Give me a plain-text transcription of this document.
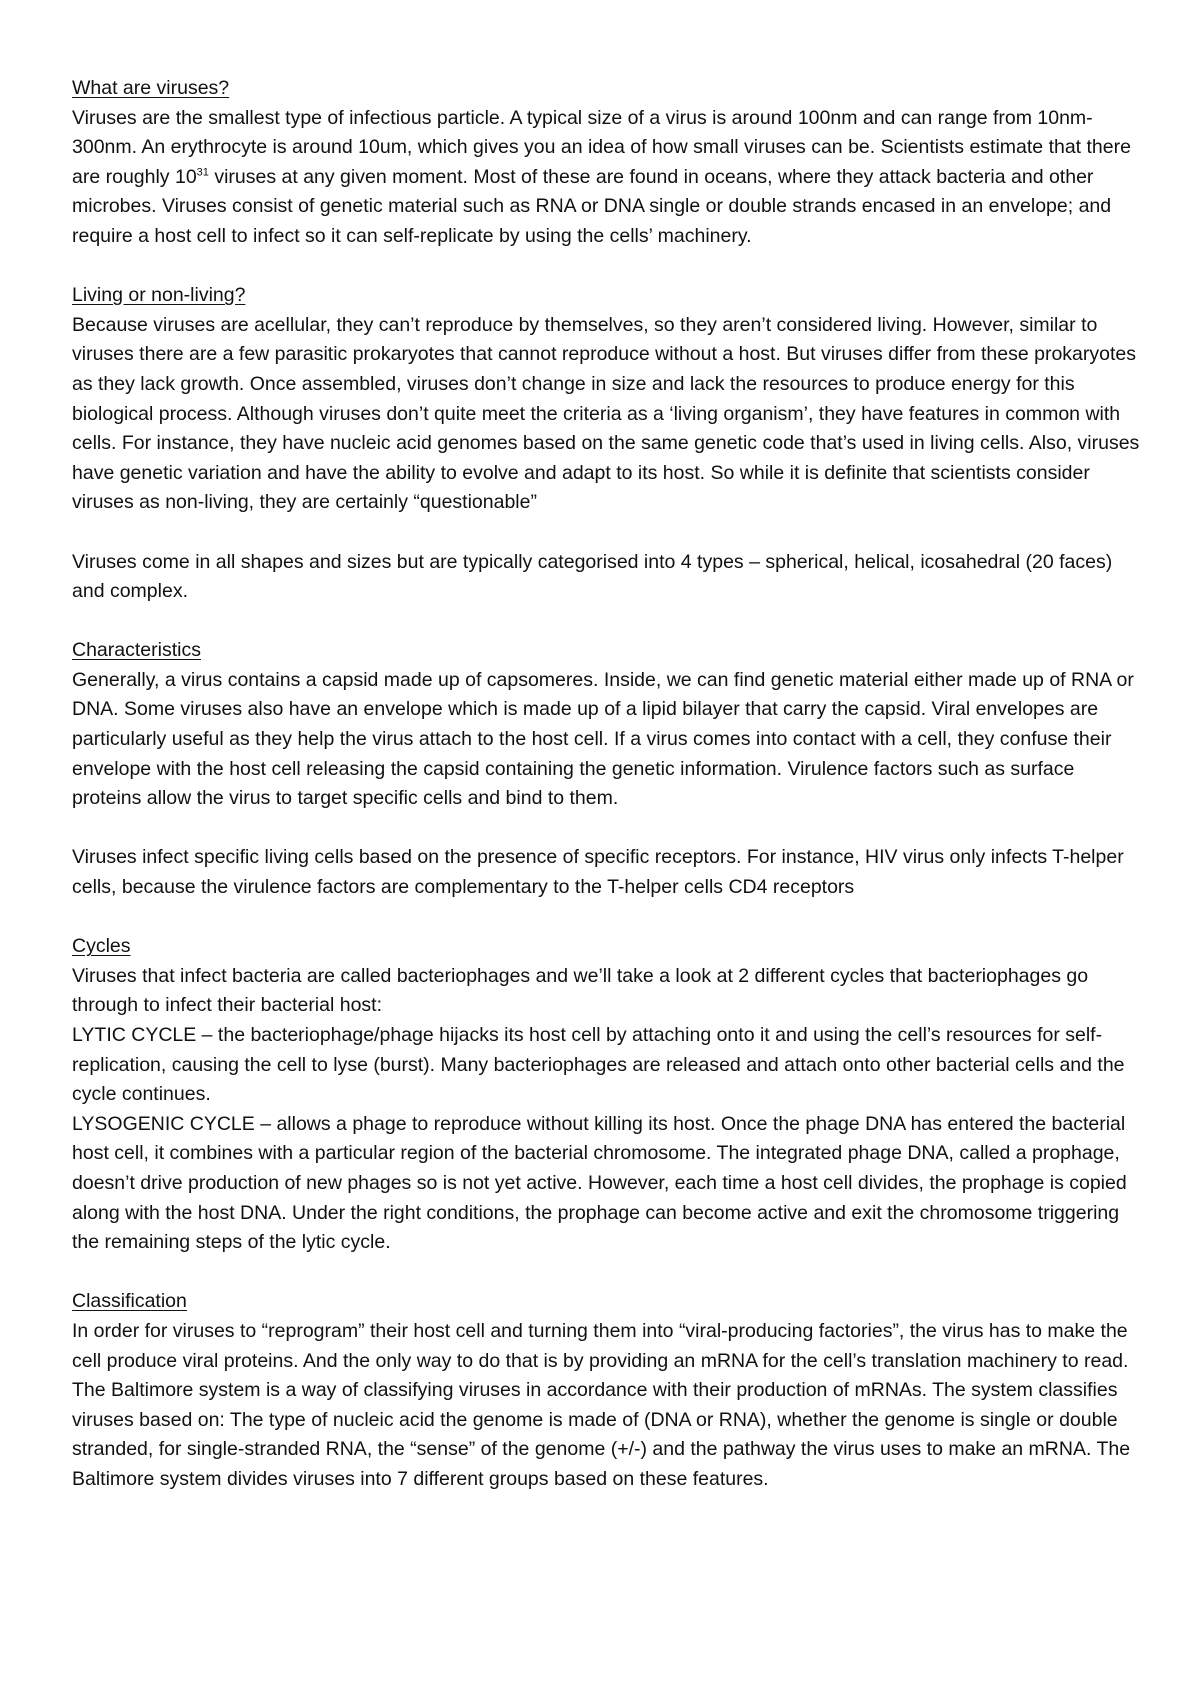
What are viruses?

Viruses are the smallest type of infectious particle. A typical size of a virus is around 100nm and can range from 10nm-300nm. An erythrocyte is around 10um, which gives you an idea of how small viruses can be. Scientists estimate that there are roughly $10^{31}$ viruses at any given moment. Most of these are found in oceans, where they attack bacteria and other microbes. Viruses consist of genetic material such as RNA or DNA single or double strands encased in an envelope; and require a host cell to infect so it can self-replicate by using the cells’ machinery.

Living or non-living?

Because viruses are acellular, they can’t reproduce by themselves, so they aren’t considered living. However, similar to viruses there are a few parasitic prokaryotes that cannot reproduce without a host. But viruses differ from these prokaryotes as they lack growth. Once assembled, viruses don’t change in size and lack the resources to produce energy for this biological process. Although viruses don’t quite meet the criteria as a ‘living organism’, they have features in common with cells. For instance, they have nucleic acid genomes based on the same genetic code that’s used in living cells. Also, viruses have genetic variation and have the ability to evolve and adapt to its host. So while it is definite that scientists consider viruses as non-living, they are certainly “questionable”

Viruses come in all shapes and sizes but are typically categorised into 4 types – spherical, helical, icosahedral (20 faces) and complex.

Characteristics

Generally, a virus contains a capsid made up of capsomeres. Inside, we can find genetic material either made up of RNA or DNA. Some viruses also have an envelope which is made up of a lipid bilayer that carry the capsid. Viral envelopes are particularly useful as they help the virus attach to the host cell. If a virus comes into contact with a cell, they confuse their envelope with the host cell releasing the capsid containing the genetic information. Virulence factors such as surface proteins allow the virus to target specific cells and bind to them.

Viruses infect specific living cells based on the presence of specific receptors. For instance, HIV virus only infects T-helper cells, because the virulence factors are complementary to the T-helper cells CD4 receptors

Cycles

Viruses that infect bacteria are called bacteriophages and we’ll take a look at 2 different cycles that bacteriophages go through to infect their bacterial host:

LYTIC CYCLE – the bacteriophage/phage hijacks its host cell by attaching onto it and using the cell’s resources for self-replication, causing the cell to lyse (burst). Many bacteriophages are released and attach onto other bacterial cells and the cycle continues.

LYSOGENIC CYCLE – allows a phage to reproduce without killing its host. Once the phage DNA has entered the bacterial host cell, it combines with a particular region of the bacterial chromosome. The integrated phage DNA, called a prophage, doesn’t drive production of new phages so is not yet active. However, each time a host cell divides, the prophage is copied along with the host DNA. Under the right conditions, the prophage can become active and exit the chromosome triggering the remaining steps of the lytic cycle.

Classification

In order for viruses to “reprogram” their host cell and turning them into “viral-producing factories”, the virus has to make the cell produce viral proteins. And the only way to do that is by providing an mRNA for the cell’s translation machinery to read. The Baltimore system is a way of classifying viruses in accordance with their production of mRNAs. The system classifies viruses based on: The type of nucleic acid the genome is made of (DNA or RNA), whether the genome is single or double stranded, for single-stranded RNA, the “sense” of the genome (+/-) and the pathway the virus uses to make an mRNA. The Baltimore system divides viruses into 7 different groups based on these features.
